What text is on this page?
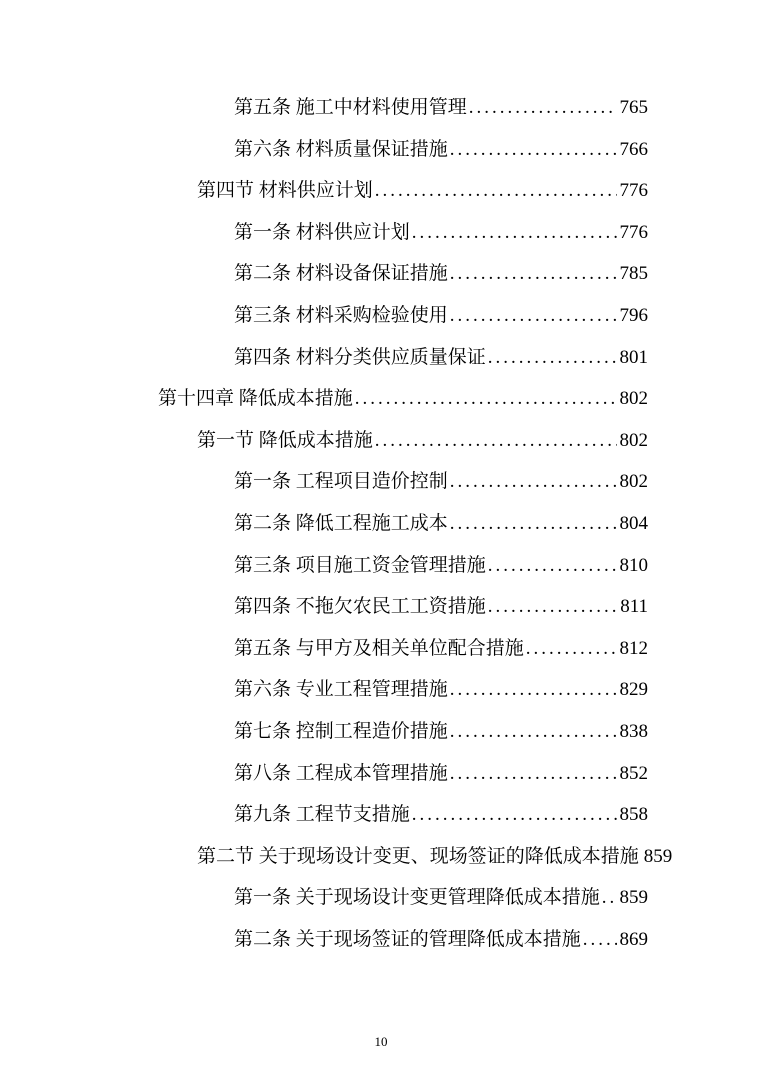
第五条 施工中材料使用管理 .....	765
第六条 材料质量保证措施 .....	766
第四节 材料供应计划 .....	776
第一条 材料供应计划 .....	776
第二条 材料设备保证措施 .....	785
第三条 材料采购检验使用 .....	796
第四条 材料分类供应质量保证 .....	801
第十四章 降低成本措施 .....	802
第一节 降低成本措施 .....	802
第一条 工程项目造价控制 .....	802
第二条 降低工程施工成本 .....	804
第三条 项目施工资金管理措施 .....	810
第四条 不拖欠农民工工资措施 .....	811
第五条 与甲方及相关单位配合措施 .....	812
第六条 专业工程管理措施 .....	829
第七条 控制工程造价措施 .....	838
第八条 工程成本管理措施 .....	852
第九条 工程节支措施 .....	858
第二节 关于现场设计变更、现场签证的降低成本措施 859
第一条 关于现场设计变更管理降低成本措施 ..... 859
第二条 关于现场签证的管理降低成本措施 ..... 869
10
